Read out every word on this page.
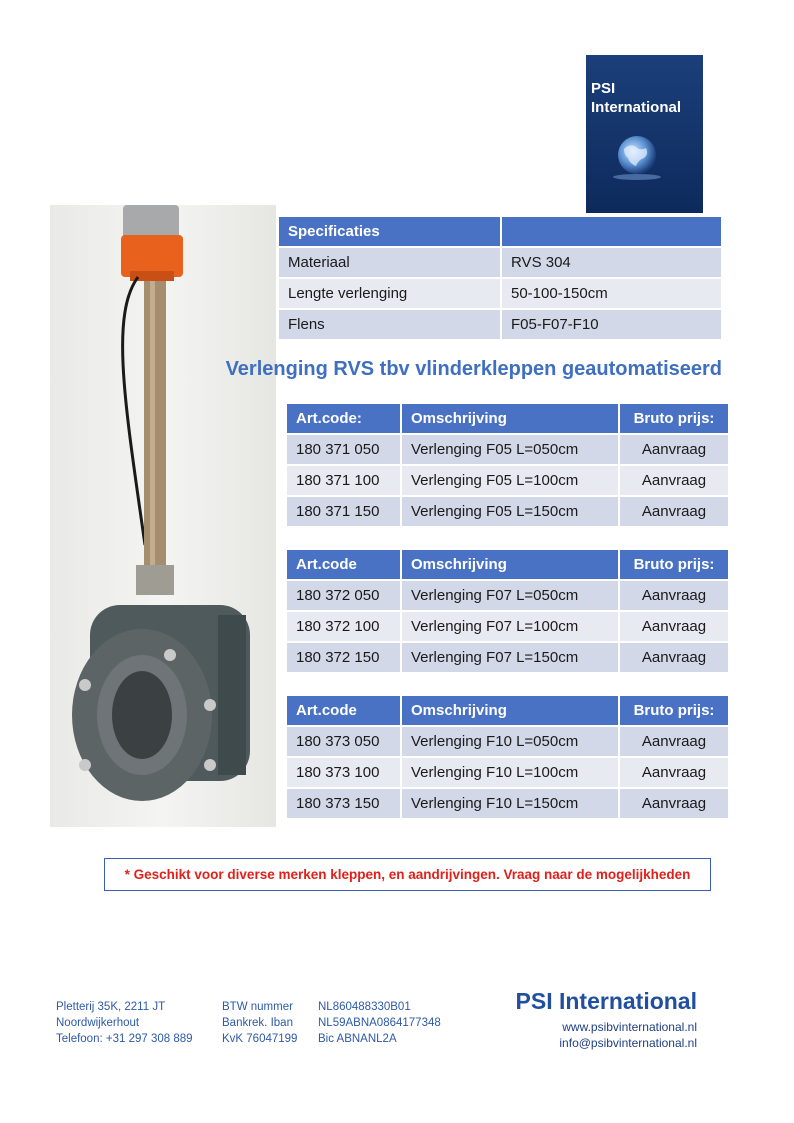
PSI
International
Specificaties	
Materiaal	RVS 304
Lengte verlenging	50-100-150cm
Flens	F05-F07-F10
Verlenging RVS tbv vlinderkleppen geautomatiseerd
Art.code:	Omschrijving	Bruto prijs:
180 371 050	Verlenging F05 L=050cm	Aanvraag
180 371 100	Verlenging F05 L=100cm	Aanvraag
180 371 150	Verlenging F05 L=150cm	Aanvraag
Art.code	Omschrijving	Bruto prijs:
180 372 050	Verlenging F07 L=050cm	Aanvraag
180 372 100	Verlenging F07 L=100cm	Aanvraag
180 372 150	Verlenging F07 L=150cm	Aanvraag
Art.code	Omschrijving	Bruto prijs:
180 373 050	Verlenging F10 L=050cm	Aanvraag
180 373 100	Verlenging F10 L=100cm	Aanvraag
180 373 150	Verlenging F10 L=150cm	Aanvraag
* Geschikt voor diverse merken kleppen, en aandrijvingen. Vraag naar de mogelijkheden
Pletterij 35K, 2211 JT
Noordwijkerhout
Telefoon: +31 297 308 889
BTW nummer
Bankrek. Iban
KvK 76047199
NL860488330B01
NL59ABNA0864177348
Bic ABNANL2A
PSI International
www.psibvinternational.nl
info@psibvinternational.nl
